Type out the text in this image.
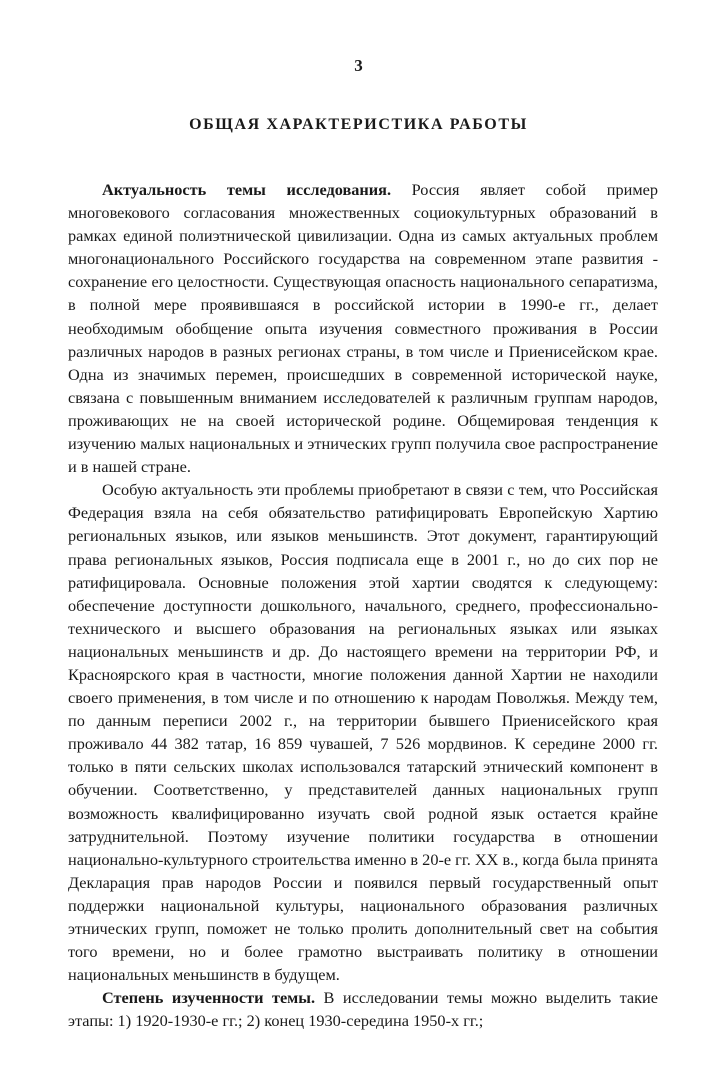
3
ОБЩАЯ ХАРАКТЕРИСТИКА РАБОТЫ

Актуальность темы исследования. Россия являет собой пример многовекового согласования множественных социокультурных образований в рамках единой полиэтнической цивилизации. Одна из самых актуальных проблем многонационального Российского государства на современном этапе развития - сохранение его целостности. Существующая опасность национального сепаратизма, в полной мере проявившаяся в российской истории в 1990-е гг., делает необходимым обобщение опыта изучения совместного проживания в России различных народов в разных регионах страны, в том числе и Приенисейском крае. Одна из значимых перемен, происшедших в современной исторической науке, связана с повышенным вниманием исследователей к различным группам народов, проживающих не на своей исторической родине. Общемировая тенденция к изучению малых национальных и этнических групп получила свое распространение и в нашей стране.

Особую актуальность эти проблемы приобретают в связи с тем, что Российская Федерация взяла на себя обязательство ратифицировать Европейскую Хартию региональных языков, или языков меньшинств. Этот документ, гарантирующий права региональных языков, Россия подписала еще в 2001 г., но до сих пор не ратифицировала. Основные положения этой хартии сводятся к следующему: обеспечение доступности дошкольного, начального, среднего, профессионально-технического и высшего образования на региональных языках или языках национальных меньшинств и др. До настоящего времени на территории РФ, и Красноярского края в частности, многие положения данной Хартии не находили своего применения, в том числе и по отношению к народам Поволжья. Между тем, по данным переписи 2002 г., на территории бывшего Приенисейского края проживало 44 382 татар, 16 859 чувашей, 7 526 мордвинов. К середине 2000 гг. только в пяти сельских школах использовался татарский этнический компонент в обучении. Соответственно, у представителей данных национальных групп возможность квалифицированно изучать свой родной язык остается крайне затруднительной. Поэтому изучение политики государства в отношении национально-культурного строительства именно в 20-е гг. XX в., когда была принята Декларация прав народов России и появился первый государственный опыт поддержки национальной культуры, национального образования различных этнических групп, поможет не только пролить дополнительный свет на события того времени, но и более грамотно выстраивать политику в отношении национальных меньшинств в будущем.

Степень изученности темы. В исследовании темы можно выделить такие этапы: 1) 1920-1930-е гг.; 2) конец 1930-середина 1950-х гг.;
